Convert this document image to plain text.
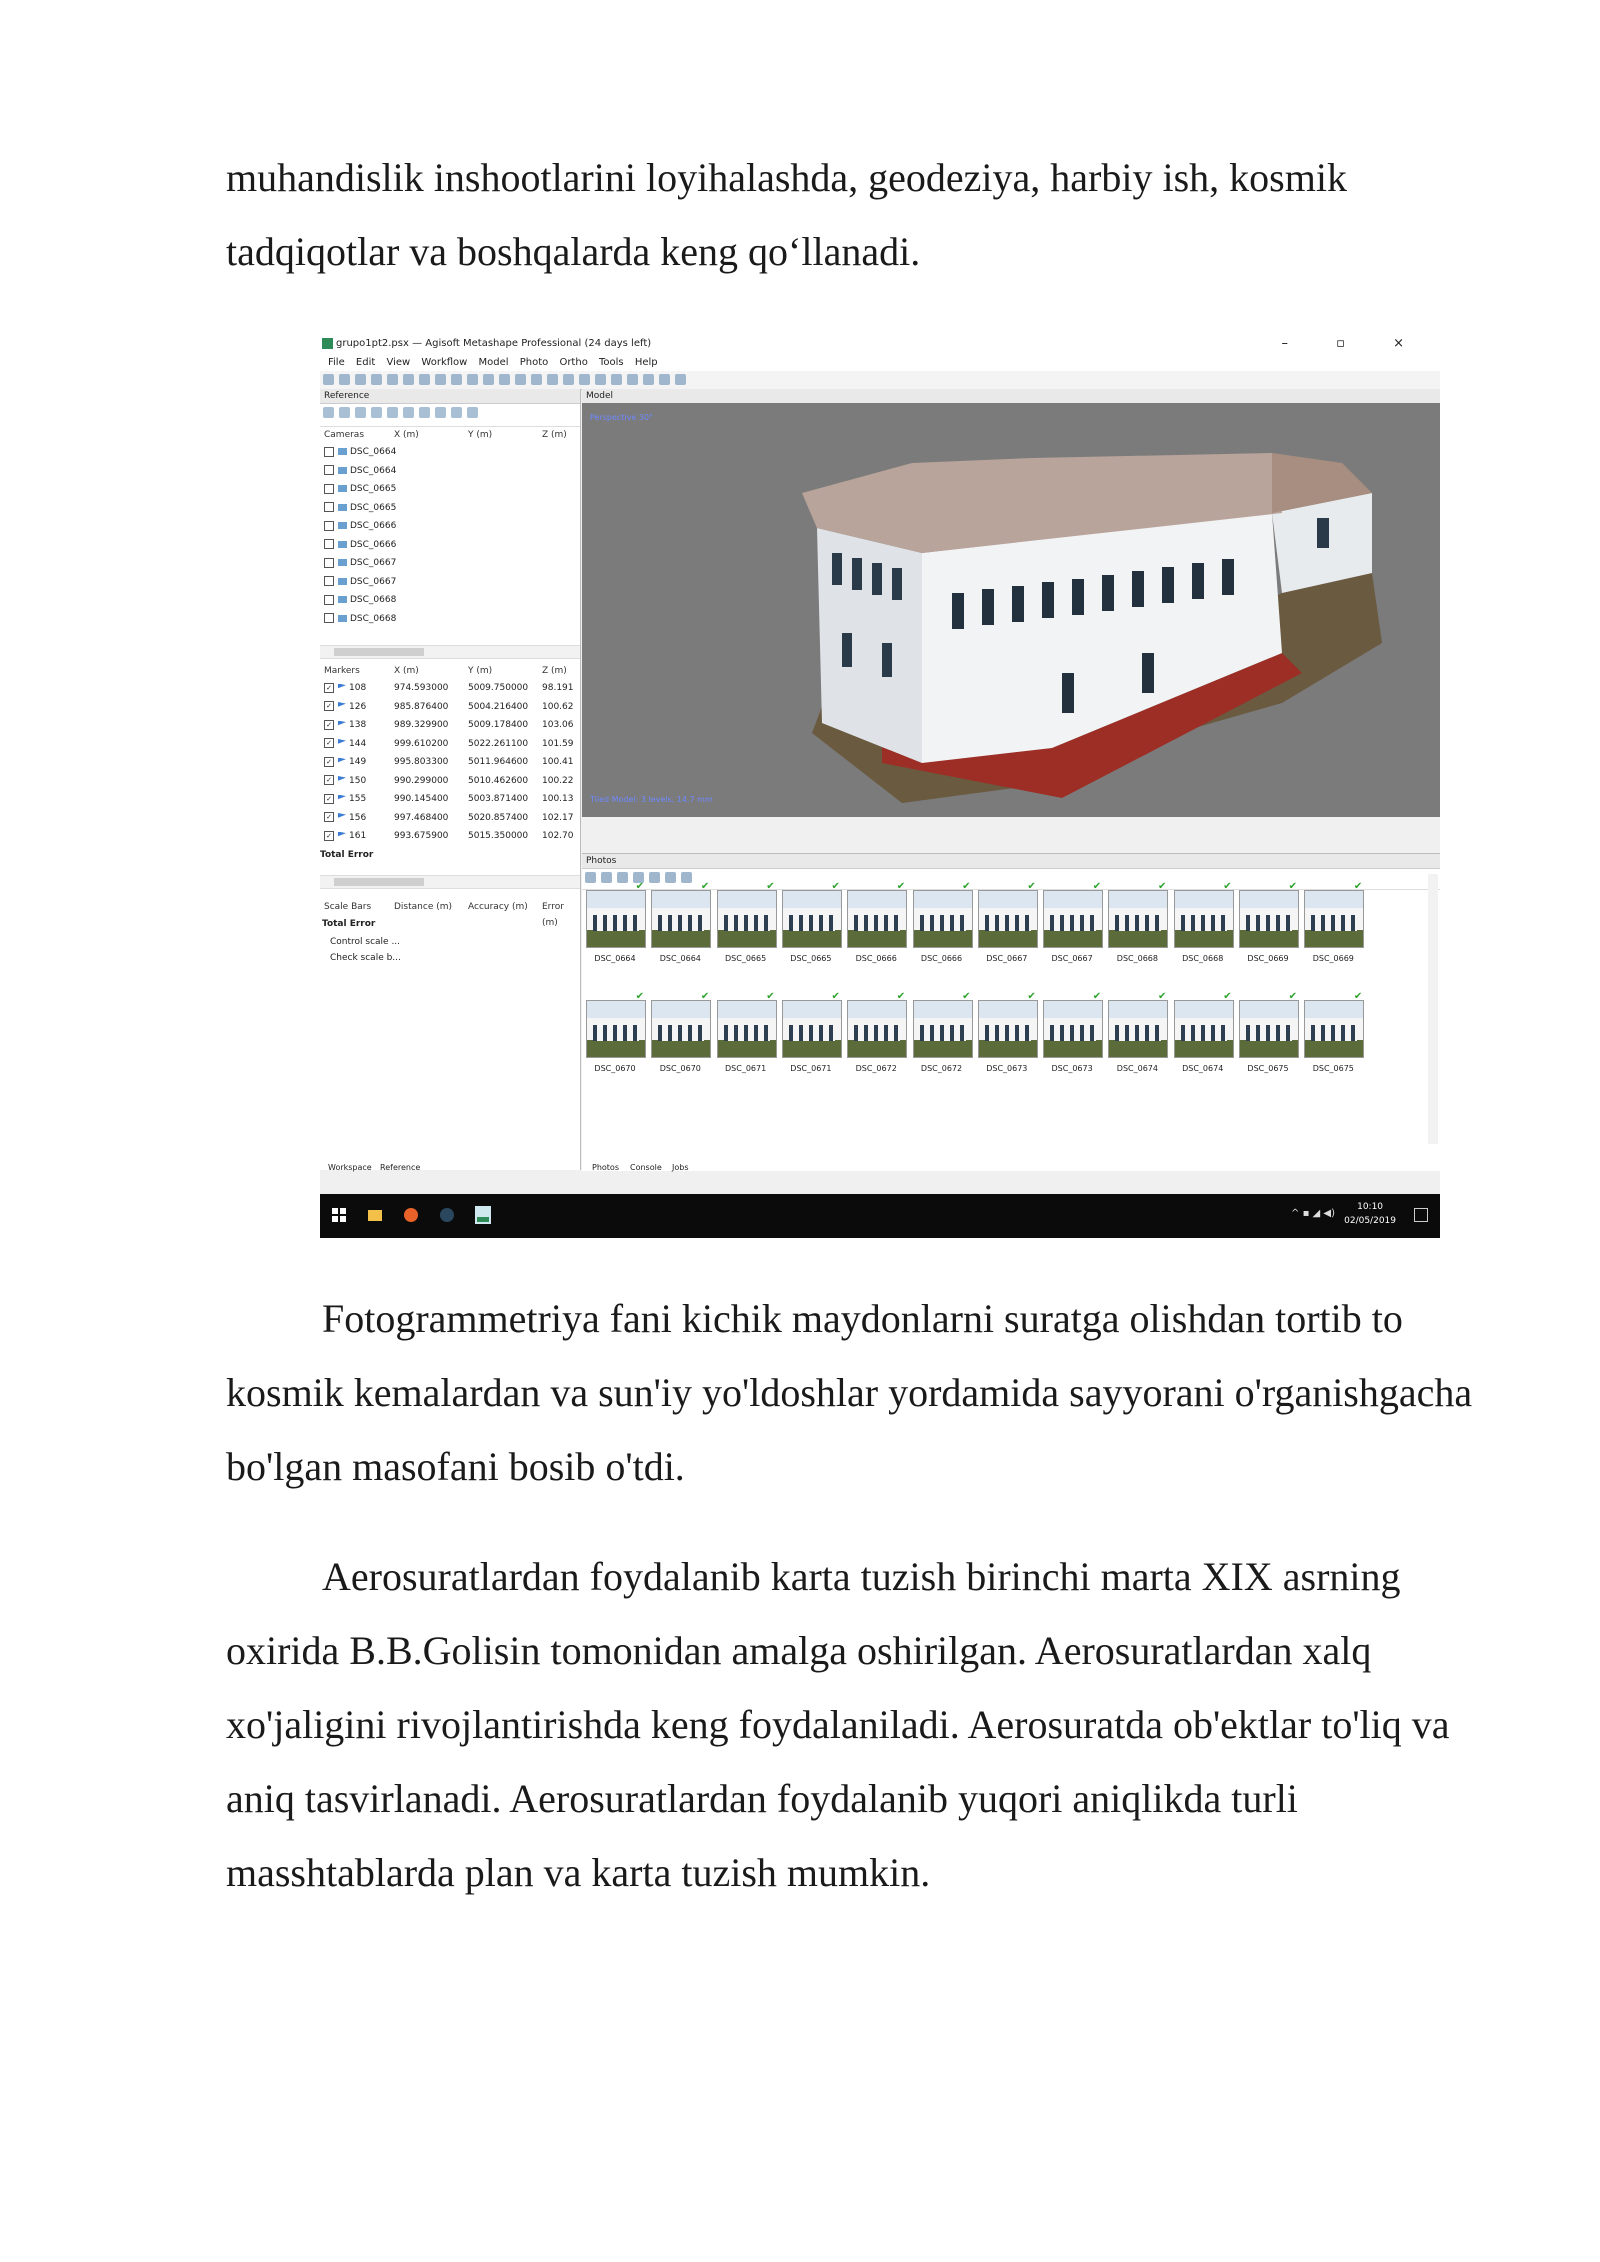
muhandislik inshootlarini loyihalashda, geodeziya, harbiy ish, kosmik

tadqiqotlar va boshqalarda keng qo‘llanadi.

grupo1pt2.psx — Agisoft Metashape Professional (24 days left)	– ▫ ×
File Edit View Workflow Model Photo Ortho Tools Help
Reference
Cameras	X (m)	Y (m)	Z (m)
DSC_0664
DSC_0664
DSC_0665
DSC_0665
DSC_0666
DSC_0666
DSC_0667
DSC_0667
DSC_0668
DSC_0668
Markers	X (m)	Y (m)	Z (m)
✓ 108	974.593000 5009.750000 98.191
✓ 126	985.876400 5004.216400 100.62
✓ 138	989.329900 5009.178400 103.06
✓ 144	999.610200 5022.261100 101.59
✓ 149	995.803300 5011.964600 100.41
✓ 150	990.299000 5010.462600 100.22
✓ 155	990.145400 5003.871400 100.13
✓ 156	997.468400 5020.857400 102.17
✓ 161	993.675900 5015.350000 102.70
Total Error
Scale Bars	Distance (m) Accuracy (m) Error (m)
Total Error
Control scale ...
Check scale b...
Model
Perspective 30°
Tiled Model: 3 levels, 14.7 mm
Photos
✔
DSC_0664
✔
DSC_0664
✔
DSC_0665
✔
DSC_0665
✔
DSC_0666
✔
DSC_0666
✔
DSC_0667
✔
DSC_0667
✔
DSC_0668
✔
DSC_0668
✔
DSC_0669
✔
DSC_0669
✔
DSC_0670
✔
DSC_0670
✔
DSC_0671
✔
DSC_0671
✔
DSC_0672
✔
DSC_0672
✔
DSC_0673
✔
DSC_0673
✔
DSC_0674
✔
DSC_0674
✔
DSC_0675
✔
DSC_0675
Workspace Reference	Photos Console Jobs
^ ▪ ◢ ◀)
10:10
02/05/2019

Fotogrammetriya fani kichik maydonlarni suratga olishdan tortib to kosmik kemalardan va sun'iy yo'ldoshlar yordamida sayyorani o'rganishgacha bo'lgan masofani bosib o'tdi.

Aerosuratlardan foydalanib karta tuzish birinchi marta XIX asrning oxirida B.B.Golisin tomonidan amalga oshirilgan. Aerosuratlardan xalq xo'jaligini rivojlantirishda keng foydalaniladi. Aerosuratda ob'ektlar to'liq va aniq tasvirlanadi. Aerosuratlardan foydalanib yuqori aniqlikda turli masshtablarda plan va karta tuzish mumkin.
